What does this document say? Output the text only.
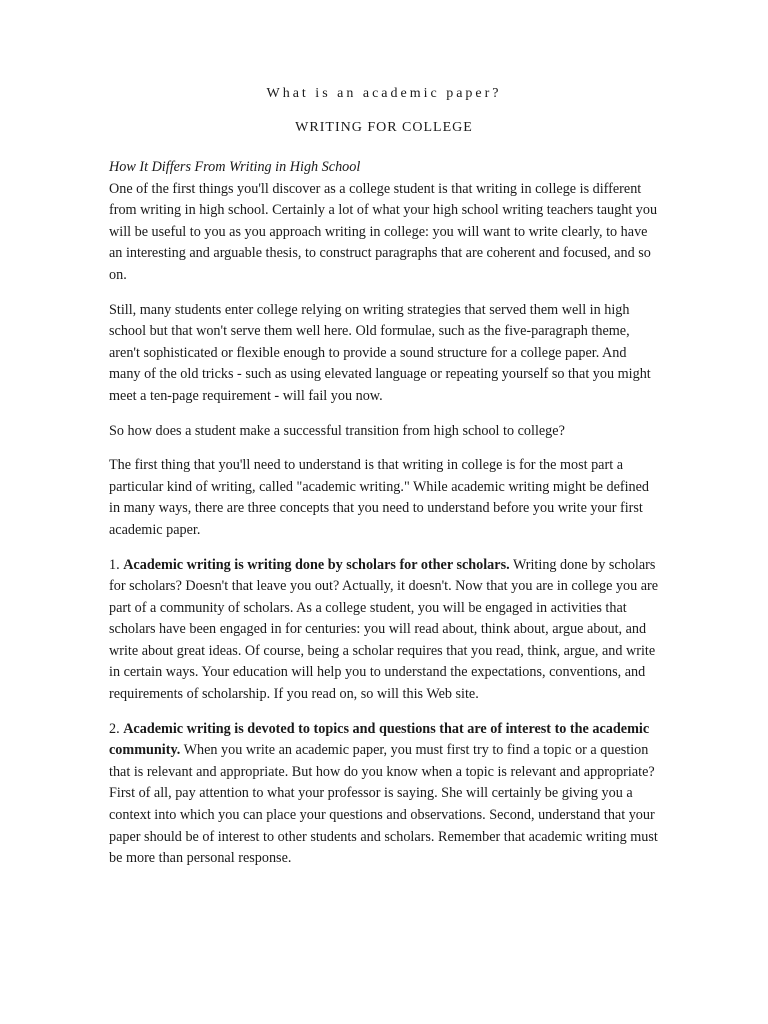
What is an academic paper?
WRITING FOR COLLEGE

How It Differs From Writing in High School
One of the first things you'll discover as a college student is that writing in college is different from writing in high school. Certainly a lot of what your high school writing teachers taught you will be useful to you as you approach writing in college: you will want to write clearly, to have an interesting and arguable thesis, to construct paragraphs that are coherent and focused, and so on.

Still, many students enter college relying on writing strategies that served them well in high school but that won't serve them well here. Old formulae, such as the five-paragraph theme, aren't sophisticated or flexible enough to provide a sound structure for a college paper. And many of the old tricks - such as using elevated language or repeating yourself so that you might meet a ten-page requirement - will fail you now.

So how does a student make a successful transition from high school to college?

The first thing that you'll need to understand is that writing in college is for the most part a particular kind of writing, called "academic writing." While academic writing might be defined in many ways, there are three concepts that you need to understand before you write your first academic paper.

1. Academic writing is writing done by scholars for other scholars. Writing done by scholars for scholars? Doesn't that leave you out? Actually, it doesn't. Now that you are in college you are part of a community of scholars. As a college student, you will be engaged in activities that scholars have been engaged in for centuries: you will read about, think about, argue about, and write about great ideas. Of course, being a scholar requires that you read, think, argue, and write in certain ways. Your education will help you to understand the expectations, conventions, and requirements of scholarship. If you read on, so will this Web site.

2. Academic writing is devoted to topics and questions that are of interest to the academic community. When you write an academic paper, you must first try to find a topic or a question that is relevant and appropriate. But how do you know when a topic is relevant and appropriate? First of all, pay attention to what your professor is saying. She will certainly be giving you a context into which you can place your questions and observations. Second, understand that your paper should be of interest to other students and scholars. Remember that academic writing must be more than personal response.
